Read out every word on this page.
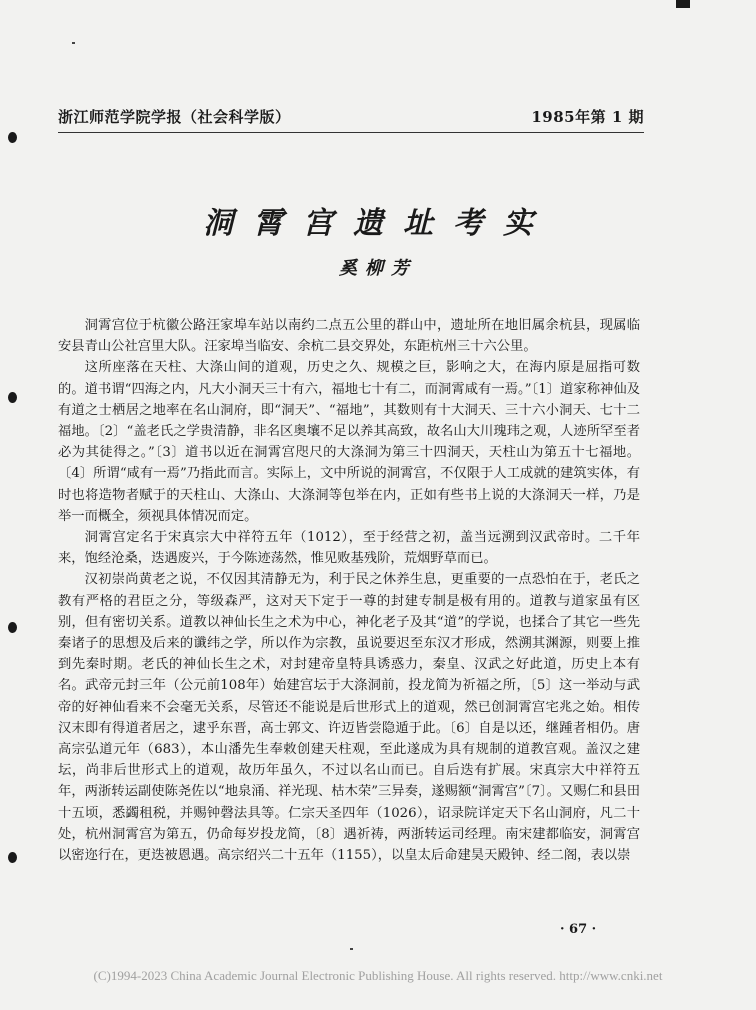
浙江师范学院学报（社会科学版）	1985年第 1 期
洞霄宫遗址考实
奚柳芳

洞霄宫位于杭徽公路汪家埠车站以南约二点五公里的群山中，遗址所在地旧属余杭县，现属临安县青山公社宫里大队。汪家埠当临安、余杭二县交界处，东距杭州三十六公里。

这所座落在天柱、大涤山间的道观，历史之久、规模之巨，影响之大，在海内原是屈指可数的。道书谓“四海之内，凡大小洞天三十有六，福地七十有二，而洞霄咸有一焉。”〔1〕道家称神仙及有道之士栖居之地率在名山洞府，即“洞天”、“福地”，其数则有十大洞天、三十六小洞天、七十二福地。〔2〕“盖老氏之学贵清静，非名区奥壤不足以养其高致，故名山大川瑰玮之观，人迹所罕至者必为其徒得之。”〔3〕道书以近在洞霄宫咫尺的大涤洞为第三十四洞天，天柱山为第五十七福地。〔4〕所谓“咸有一焉”乃指此而言。实际上，文中所说的洞霄宫，不仅限于人工成就的建筑实体，有时也将造物者赋于的天柱山、大涤山、大涤洞等包举在内，正如有些书上说的大涤洞天一样，乃是举一而概全，须视具体情况而定。

洞霄宫定名于宋真宗大中祥符五年（1012），至于经营之初，盖当远溯到汉武帝时。二千年来，饱经沧桑，迭遇废兴，于今陈迹荡然，惟见败基残阶，荒烟野草而已。

汉初崇尚黄老之说，不仅因其清静无为，利于民之休养生息，更重要的一点恐怕在于，老氏之教有严格的君臣之分，等级森严，这对天下定于一尊的封建专制是极有用的。道教与道家虽有区别，但有密切关系。道教以神仙长生之术为中心，神化老子及其“道”的学说，也揉合了其它一些先秦诸子的思想及后来的谶纬之学，所以作为宗教，虽说要迟至东汉才形成，然溯其渊源，则要上推到先秦时期。老氏的神仙长生之术，对封建帝皇特具诱惑力，秦皇、汉武之好此道，历史上本有名。武帝元封三年（公元前108年）始建宫坛于大涤洞前，投龙简为祈福之所，〔5〕这一举动与武帝的好神仙看来不会毫无关系，尽管还不能说是后世形式上的道观，然已创洞霄宫宅兆之始。相传汉末即有得道者居之，逮乎东晋，高士郭文、许迈皆尝隐遁于此。〔6〕自是以还，继踵者相仍。唐高宗弘道元年（683），本山潘先生奉敕创建天柱观，至此遂成为具有规制的道教宫观。盖汉之建坛，尚非后世形式上的道观，故历年虽久，不过以名山而已。自后迭有扩展。宋真宗大中祥符五年，两浙转运副使陈尧佐以“地泉涌、祥光现、枯木荣”三异奏，遂赐额“洞霄宫”〔7〕。又赐仁和县田十五顷，悉蠲租税，并赐钟磬法具等。仁宗天圣四年（1026），诏录院详定天下名山洞府，凡二十处，杭州洞霄宫为第五，仍命每岁投龙简，〔8〕遇祈祷，两浙转运司经理。南宋建都临安，洞霄宫以密迩行在，更迭被恩遇。高宗绍兴二十五年（1155），以皇太后命建昊天殿钟、经二阁，表以崇

· 67 ·
(C)1994-2023 China Academic Journal Electronic Publishing House. All rights reserved. http://www.cnki.net
